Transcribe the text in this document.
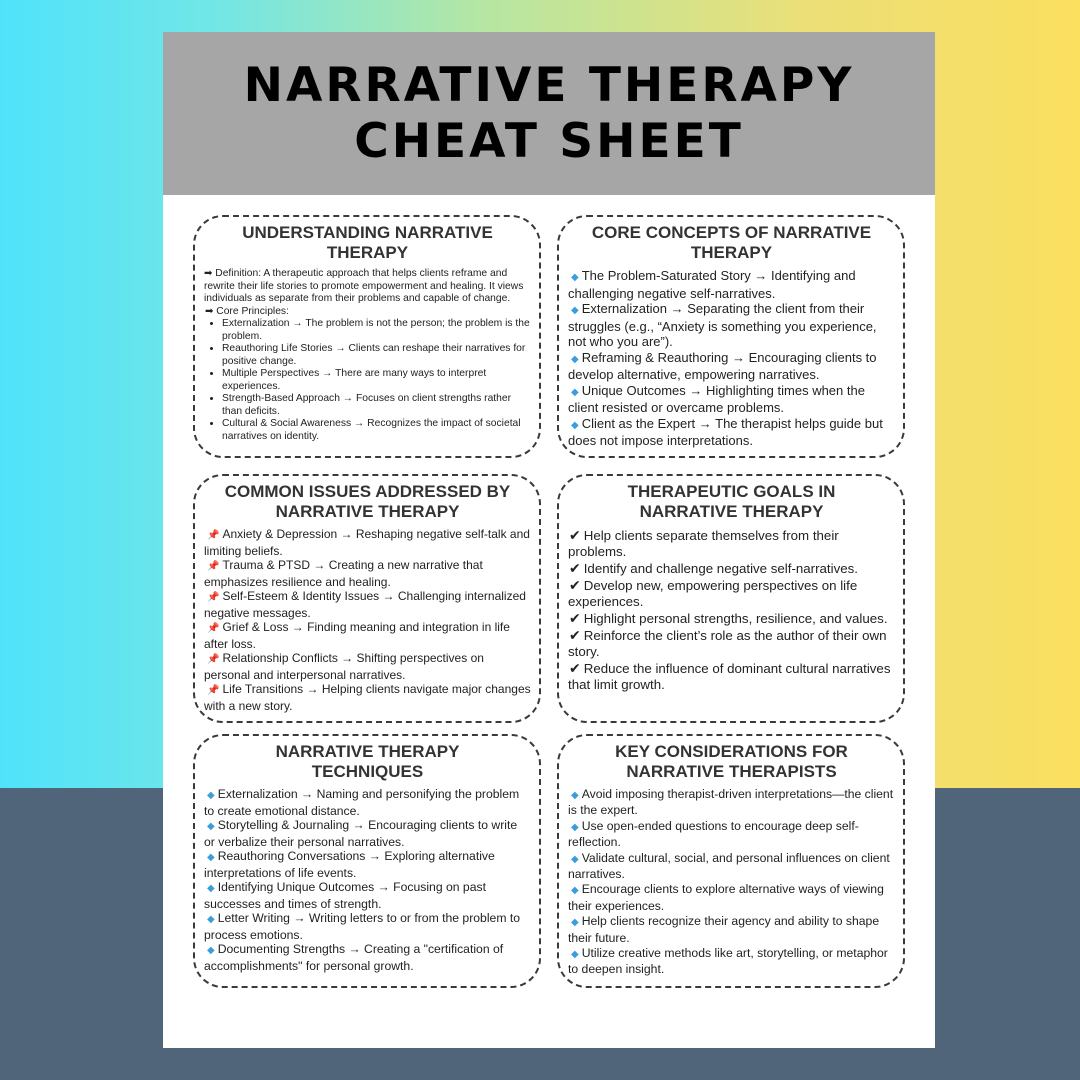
NARRATIVE THERAPY
CHEAT SHEET
UNDERSTANDING NARRATIVE THERAPY
➡ Definition: A therapeutic approach that helps clients reframe and rewrite their life stories to promote empowerment and healing. It views individuals as separate from their problems and capable of change.
➡ Core Principles:
• Externalization → The problem is not the person; the problem is the problem.
• Reauthoring Life Stories → Clients can reshape their narratives for positive change.
• Multiple Perspectives → There are many ways to interpret experiences.
• Strength-Based Approach → Focuses on client strengths rather than deficits.
• Cultural & Social Awareness → Recognizes the impact of societal narratives on identity.
CORE CONCEPTS OF NARRATIVE THERAPY
◆ The Problem-Saturated Story → Identifying and challenging negative self-narratives.
◆ Externalization → Separating the client from their struggles (e.g., “Anxiety is something you experience, not who you are”).
◆ Reframing & Reauthoring → Encouraging clients to develop alternative, empowering narratives.
◆ Unique Outcomes → Highlighting times when the client resisted or overcame problems.
◆ Client as the Expert → The therapist helps guide but does not impose interpretations.
COMMON ISSUES ADDRESSED BY NARRATIVE THERAPY
📌 Anxiety & Depression → Reshaping negative self-talk and limiting beliefs.
📌 Trauma & PTSD → Creating a new narrative that emphasizes resilience and healing.
📌 Self-Esteem & Identity Issues → Challenging internalized negative messages.
📌 Grief & Loss → Finding meaning and integration in life after loss.
📌 Relationship Conflicts → Shifting perspectives on personal and interpersonal narratives.
📌 Life Transitions → Helping clients navigate major changes with a new story.
THERAPEUTIC GOALS IN NARRATIVE THERAPY
✔ Help clients separate themselves from their problems.
✔ Identify and challenge negative self-narratives.
✔ Develop new, empowering perspectives on life experiences.
✔ Highlight personal strengths, resilience, and values.
✔ Reinforce the client’s role as the author of their own story.
✔ Reduce the influence of dominant cultural narratives that limit growth.
NARRATIVE THERAPY TECHNIQUES
◆ Externalization → Naming and personifying the problem to create emotional distance.
◆ Storytelling & Journaling → Encouraging clients to write or verbalize their personal narratives.
◆ Reauthoring Conversations → Exploring alternative interpretations of life events.
◆ Identifying Unique Outcomes → Focusing on past successes and times of strength.
◆ Letter Writing → Writing letters to or from the problem to process emotions.
◆ Documenting Strengths → Creating a "certification of accomplishments" for personal growth.
KEY CONSIDERATIONS FOR NARRATIVE THERAPISTS
◆ Avoid imposing therapist-driven interpretations—the client is the expert.
◆ Use open-ended questions to encourage deep self-reflection.
◆ Validate cultural, social, and personal influences on client narratives.
◆ Encourage clients to explore alternative ways of viewing their experiences.
◆ Help clients recognize their agency and ability to shape their future.
◆ Utilize creative methods like art, storytelling, or metaphor to deepen insight.
